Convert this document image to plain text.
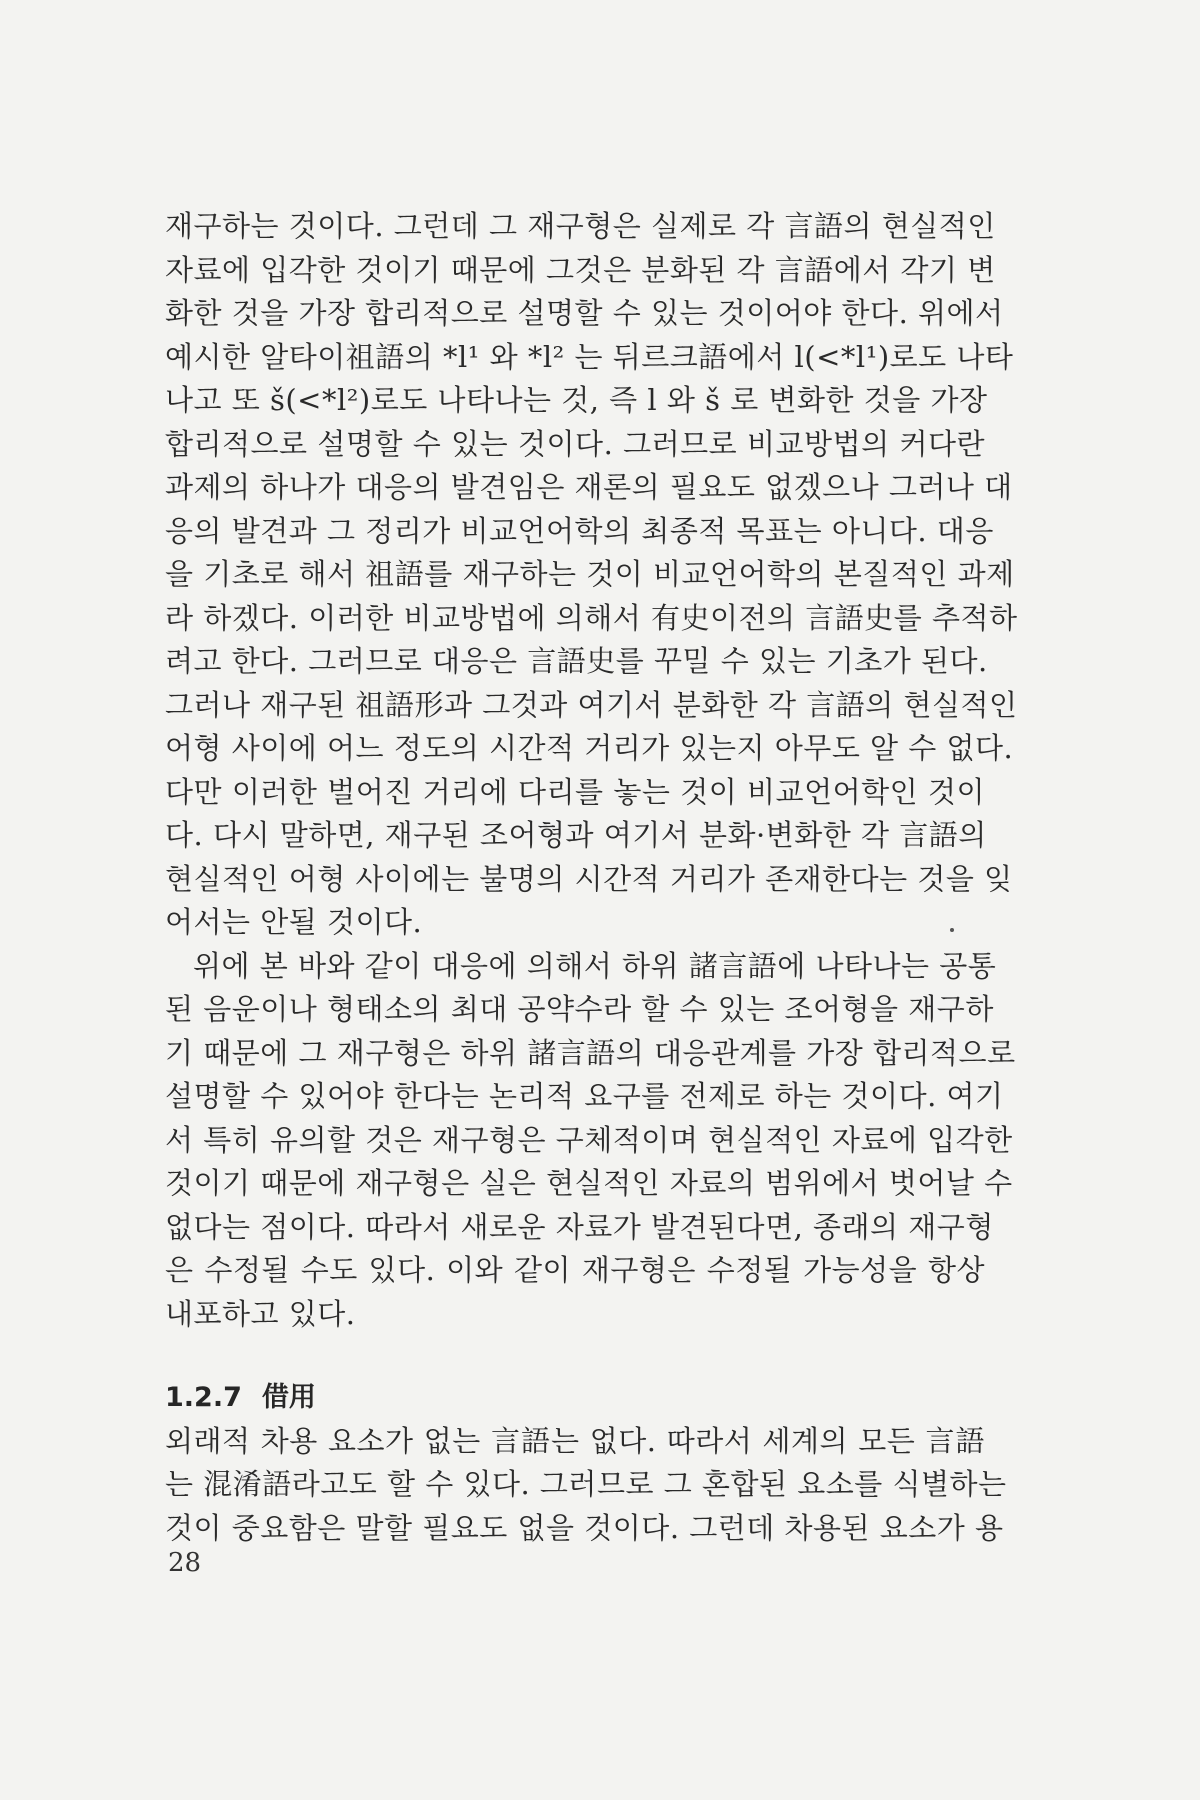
재구하는 것이다. 그런데 그 재구형은 실제로 각 言語의 현실적인
자료에 입각한 것이기 때문에 그것은 분화된 각 言語에서 각기 변
화한 것을 가장 합리적으로 설명할 수 있는 것이어야 한다. 위에서
예시한 알타이祖語의 *l¹ 와 *l² 는 뒤르크語에서 l(<*l¹)로도 나타
나고 또 š(<*l²)로도 나타나는 것, 즉 l 와 š 로 변화한 것을 가장
합리적으로 설명할 수 있는 것이다. 그러므로 비교방법의 커다란
과제의 하나가 대응의 발견임은 재론의 필요도 없겠으나 그러나 대
응의 발견과 그 정리가 비교언어학의 최종적 목표는 아니다. 대응
을 기초로 해서 祖語를 재구하는 것이 비교언어학의 본질적인 과제
라 하겠다. 이러한 비교방법에 의해서 有史이전의 言語史를 추적하
려고 한다. 그러므로 대응은 言語史를 꾸밀 수 있는 기초가 된다.
그러나 재구된 祖語形과 그것과 여기서 분화한 각 言語의 현실적인
어형 사이에 어느 정도의 시간적 거리가 있는지 아무도 알 수 없다.
다만 이러한 벌어진 거리에 다리를 놓는 것이 비교언어학인 것이
다. 다시 말하면, 재구된 조어형과 여기서 분화·변화한 각 言語의
현실적인 어형 사이에는 불명의 시간적 거리가 존재한다는 것을 잊
어서는 안될 것이다.
위에 본 바와 같이 대응에 의해서 하위 諸言語에 나타나는 공통
된 음운이나 형태소의 최대 공약수라 할 수 있는 조어형을 재구하
기 때문에 그 재구형은 하위 諸言語의 대응관계를 가장 합리적으로
설명할 수 있어야 한다는 논리적 요구를 전제로 하는 것이다. 여기
서 특히 유의할 것은 재구형은 구체적이며 현실적인 자료에 입각한
것이기 때문에 재구형은 실은 현실적인 자료의 범위에서 벗어날 수
없다는 점이다. 따라서 새로운 자료가 발견된다면, 종래의 재구형
은 수정될 수도 있다. 이와 같이 재구형은 수정될 가능성을 항상
내포하고 있다.
1.2.7 借用
외래적 차용 요소가 없는 言語는 없다. 따라서 세계의 모든 言語
는 混淆語라고도 할 수 있다. 그러므로 그 혼합된 요소를 식별하는
것이 중요함은 말할 필요도 없을 것이다. 그런데 차용된 요소가 용
28
